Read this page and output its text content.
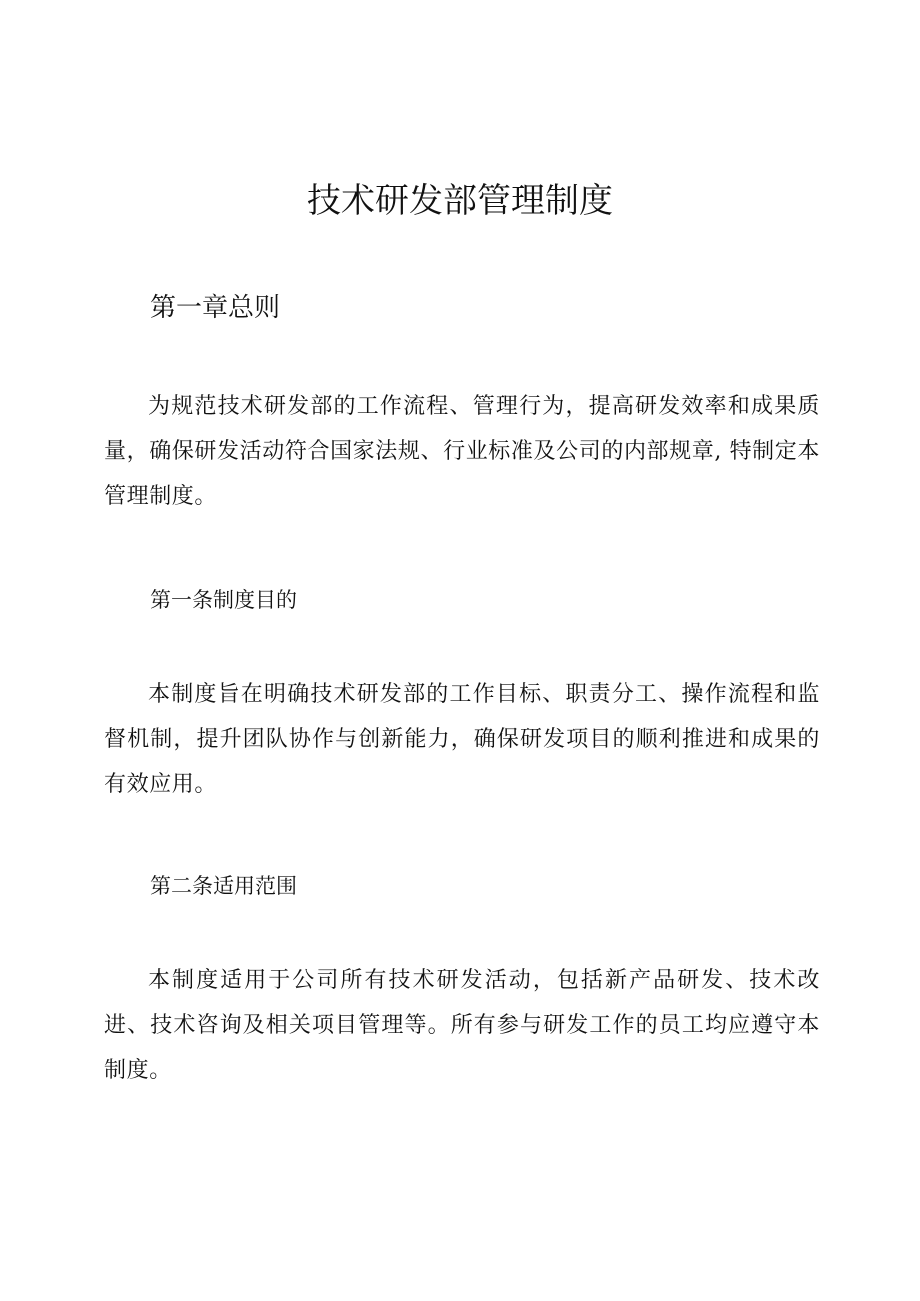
技术研发部管理制度
第一章总则

为规范技术研发部的工作流程、管理行为，提高研发效率和成果质量，确保研发活动符合国家法规、行业标准及公司的内部规章, 特制定本管理制度。

第一条制度目的

本制度旨在明确技术研发部的工作目标、职责分工、操作流程和监督机制，提升团队协作与创新能力，确保研发项目的顺利推进和成果的有效应用。

第二条适用范围

本制度适用于公司所有技术研发活动，包括新产品研发、技术改进、技术咨询及相关项目管理等。所有参与研发工作的员工均应遵守本制度。
